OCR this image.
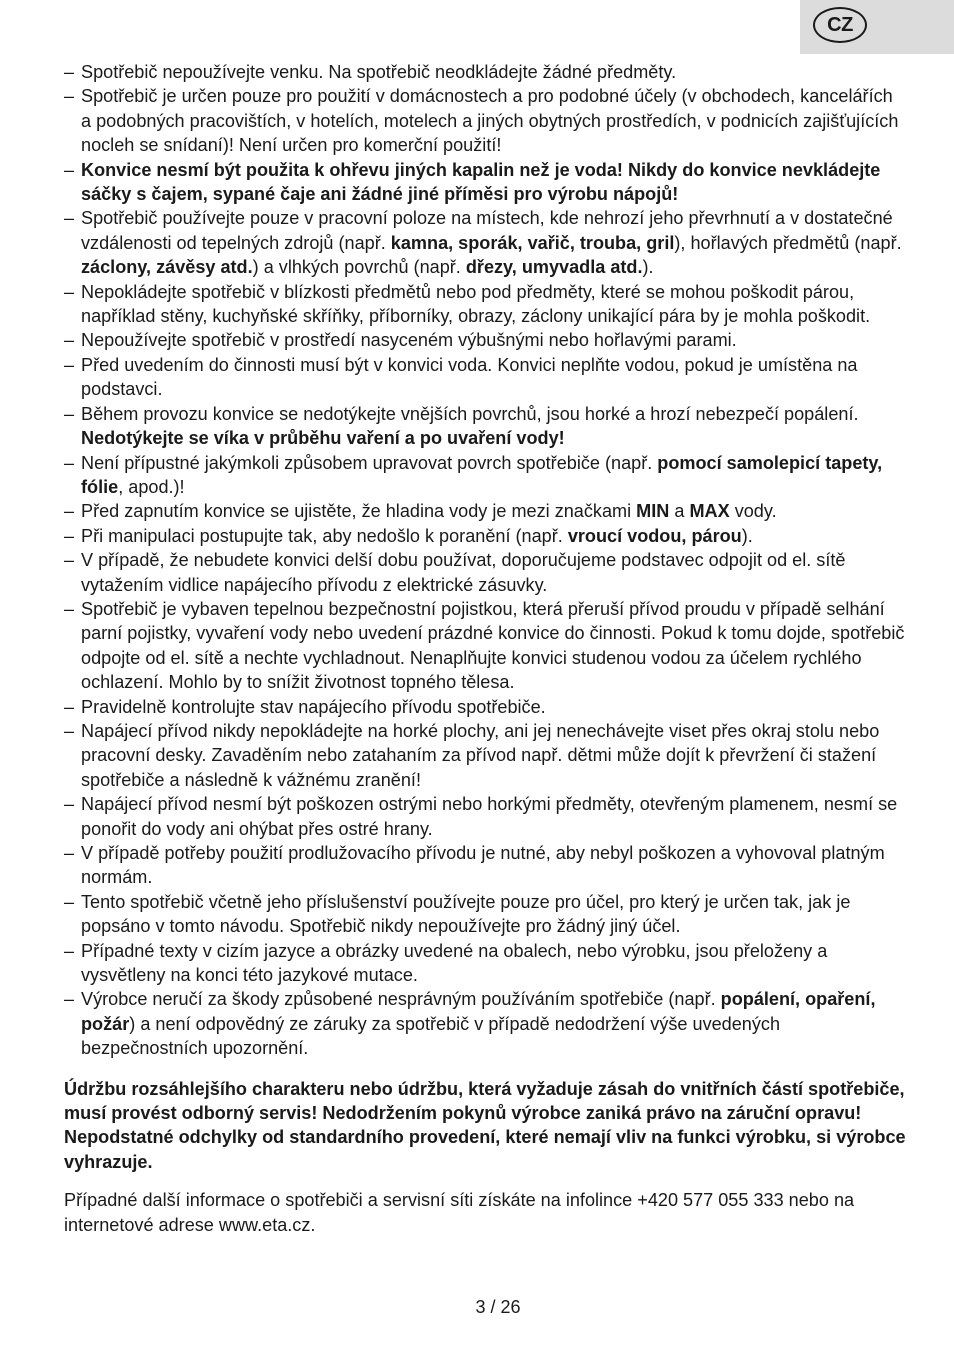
CZ
– Spotřebič nepoužívejte venku. Na spotřebič neodkládejte žádné předměty.
– Spotřebič je určen pouze pro použití v domácnostech a pro podobné účely (v obchodech, kancelářích a podobných pracovištích, v hotelích, motelech a jiných obytných prostředích, v podnicích zajišťujících nocleh se snídaní)! Není určen pro komerční použití!
– Konvice nesmí být použita k ohřevu jiných kapalin než je voda! Nikdy do konvice nevkládejte sáčky s čajem, sypané čaje ani žádné jiné příměsi pro výrobu nápojů!
– Spotřebič používejte pouze v pracovní poloze na místech, kde nehrozí jeho převrhnutí a v dostatečné vzdálenosti od tepelných zdrojů (např. kamna, sporák, vařič, trouba, gril), hořlavých předmětů (např. záclony, závěsy atd.) a vlhkých povrchů (např. dřezy, umyvadla atd.).
– Nepokládejte spotřebič v blízkosti předmětů nebo pod předměty, které se mohou poškodit párou, například stěny, kuchyňské skříňky, příborníky, obrazy, záclony unikající pára by je mohla poškodit.
– Nepoužívejte spotřebič v prostředí nasyceném výbušnými nebo hořlavými parami.
– Před uvedením do činnosti musí být v konvici voda. Konvici neplňte vodou, pokud je umístěna na podstavci.
– Během provozu konvice se nedotýkejte vnějších povrchů, jsou horké a hrozí nebezpečí popálení. Nedotýkejte se víka v průběhu vaření a po uvaření vody!
– Není přípustné jakýmkoli způsobem upravovat povrch spotřebiče (např. pomocí samolepicí tapety, fólie, apod.)!
– Před zapnutím konvice se ujistěte, že hladina vody je mezi značkami MIN a MAX vody.
– Při manipulaci postupujte tak, aby nedošlo k poranění (např. vroucí vodou, párou).
– V případě, že nebudete konvici delší dobu používat, doporučujeme podstavec odpojit od el. sítě vytažením vidlice napájecího přívodu z elektrické zásuvky.
– Spotřebič je vybaven tepelnou bezpečnostní pojistkou, která přeruší přívod proudu v případě selhání parní pojistky, vyvaření vody nebo uvedení prázdné konvice do činnosti. Pokud k tomu dojde, spotřebič odpojte od el. sítě a nechte vychladnout. Nenaplňujte konvici studenou vodou za účelem rychlého ochlazení. Mohlo by to snížit životnost topného tělesa.
– Pravidelně kontrolujte stav napájecího přívodu spotřebiče.
– Napájecí přívod nikdy nepokládejte na horké plochy, ani jej nenechávejte viset přes okraj stolu nebo pracovní desky. Zavaděním nebo zatahaním za přívod např. dětmi může dojít k převržení či stažení spotřebiče a následně k vážnému zranění!
– Napájecí přívod nesmí být poškozen ostrými nebo horkými předměty, otevřeným plamenem, nesmí se ponořit do vody ani ohýbat přes ostré hrany.
– V případě potřeby použití prodlužovacího přívodu je nutné, aby nebyl poškozen a vyhovoval platným normám.
– Tento spotřebič včetně jeho příslušenství používejte pouze pro účel, pro který je určen tak, jak je popsáno v tomto návodu. Spotřebič nikdy nepoužívejte pro žádný jiný účel.
– Případné texty v cizím jazyce a obrázky uvedené na obalech, nebo výrobku, jsou přeloženy a vysvětleny na konci této jazykové mutace.
– Výrobce neručí za škody způsobené nesprávným používáním spotřebiče (např. popálení, opaření, požár) a není odpovědný ze záruky za spotřebič v případě nedodržení výše uvedených bezpečnostních upozornění.

Údržbu rozsáhlejšího charakteru nebo údržbu, která vyžaduje zásah do vnitřních částí spotřebiče, musí provést odborný servis! Nedodržením pokynů výrobce zaniká právo na záruční opravu! Nepodstatné odchylky od standardního provedení, které nemají vliv na funkci výrobku, si výrobce vyhrazuje.

Případné další informace o spotřebiči a servisní síti získáte na infolince +420 577 055 333 nebo na internetové adrese www.eta.cz.

3 / 26
